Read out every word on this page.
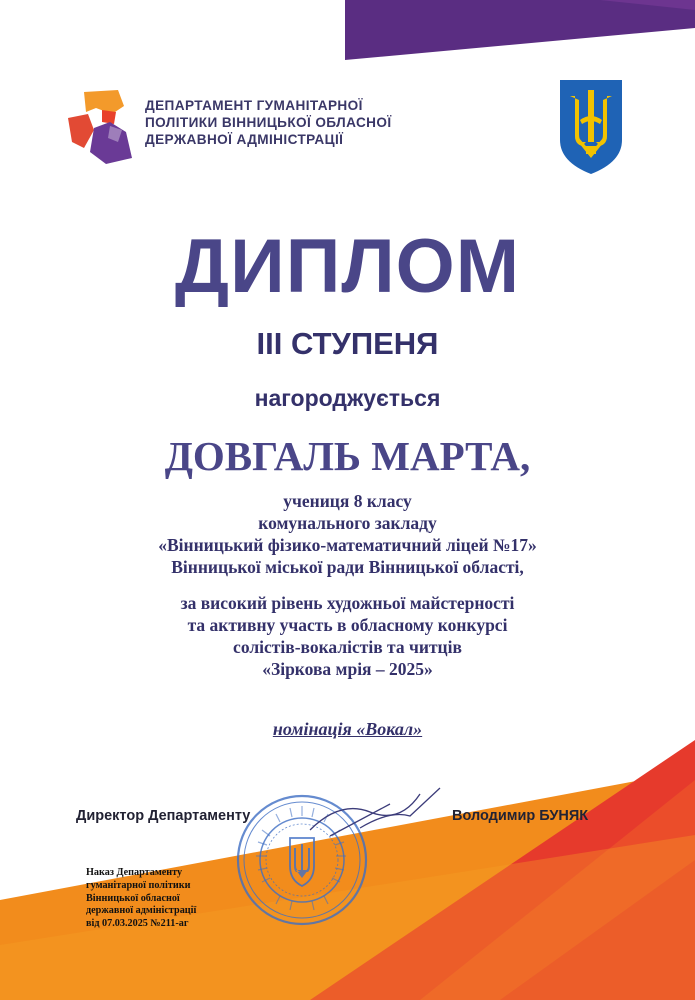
ДЕПАРТАМЕНТ ГУМАНІТАРНОЇ
ПОЛІТИКИ ВІННИЦЬКОЇ ОБЛАСНОЇ
ДЕРЖАВНОЇ АДМІНІСТРАЦІЇ
ДИПЛОМ
III СТУПЕНЯ
нагороджується
ДОВГАЛЬ МАРТА,
учениця 8 класу
комунального закладу
«Вінницький фізико-математичний ліцей №17»
Вінницької міської ради Вінницької області,
за високий рівень художньої майстерності
та активну участь в обласному конкурсі
солістів-вокалістів та читців
«Зіркова мрія – 2025»
номінація «Вокал»
Директор Департаменту	Володимир БУНЯК
Наказ Департаменту
гуманітарної політики
Вінницької обласної
державної адміністрації
від 07.03.2025 №211-аг
